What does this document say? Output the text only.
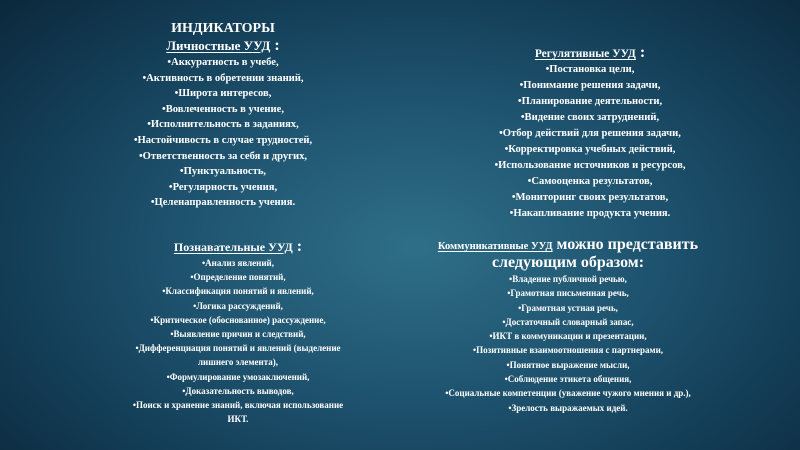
ИНДИКАТОРЫ
Личностные УУД :
•Аккуратность в учебе,
•Активность в обретении знаний,
•Широта интересов,
•Вовлеченность в учение,
•Исполнительность в заданиях,
•Настойчивость в случае трудностей,
•Ответственность за себя и других,
•Пунктуальность,
•Регулярность учения,
•Целенаправленность учения.
Регулятивные УУД :
•Постановка цели,
•Понимание решения задачи,
•Планирование деятельности,
•Видение своих затруднений,
•Отбор действий для решения задачи,
•Корректировка учебных действий,
•Использование источников и ресурсов,
•Самооценка результатов,
•Мониторинг своих результатов,
•Накапливание продукта учения.
Познавательные УУД :
•Анализ явлений,
•Определение понятий,
•Классификация понятий и явлений,
•Логика рассуждений,
•Критическое (обоснованное) рассуждение,
•Выявление причин и следствий,
•Дифференциация понятий и явлений (выделение
лишнего элемента),
•Формулирование умозаключений,
•Доказательность выводов,
•Поиск и хранение знаний, включая использование
ИКТ.
Коммуникативные УУД можно представить следующим образом:
•Владение публичной речью,
•Грамотная письменная речь,
•Грамотная устная речь,
•Достаточный словарный запас,
•ИКТ в коммуникации и презентации,
•Позитивные взаимоотношения с партнерами,
•Понятное выражение мысли,
•Соблюдение этикета общения,
•Социальные компетенции (уважение чужого мнения и др.),
•Зрелость выражаемых идей.
